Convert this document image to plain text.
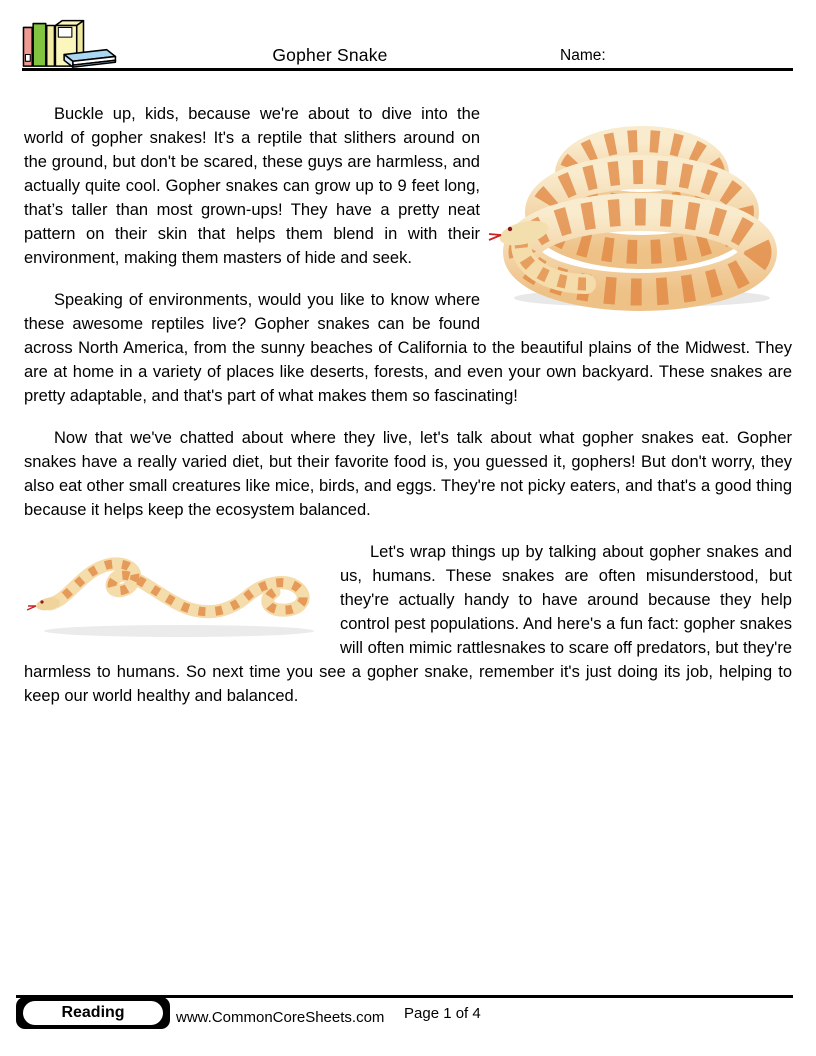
Gopher Snake	Name:

Buckle up, kids, because we're about to dive into the world of gopher snakes! It's a reptile that slithers around on the ground, but don't be scared, these guys are harmless, and actually quite cool. Gopher snakes can grow up to 9 feet long, that’s taller than most grown-ups! They have a pretty neat pattern on their skin that helps them blend in with their environment, making them masters of hide and seek.

Speaking of environments, would you like to know where these awesome reptiles live? Gopher snakes can be found across North America, from the sunny beaches of California to the beautiful plains of the Midwest. They are at home in a variety of places like deserts, forests, and even your own backyard. These snakes are pretty adaptable, and that's part of what makes them so fascinating!

Now that we've chatted about where they live, let's talk about what gopher snakes eat. Gopher snakes have a really varied diet, but their favorite food is, you guessed it, gophers! But don't worry, they also eat other small creatures like mice, birds, and eggs. They're not picky eaters, and that's a good thing because it helps keep the ecosystem balanced.

Let's wrap things up by talking about gopher snakes and us, humans. These snakes are often misunderstood, but they're actually handy to have around because they help control pest populations. And here's a fun fact: gopher snakes will often mimic rattlesnakes to scare off predators, but they're harmless to humans. So next time you see a gopher snake, remember it's just doing its job, helping to keep our world healthy and balanced.

Reading	www.CommonCoreSheets.com Page 1 of 4
